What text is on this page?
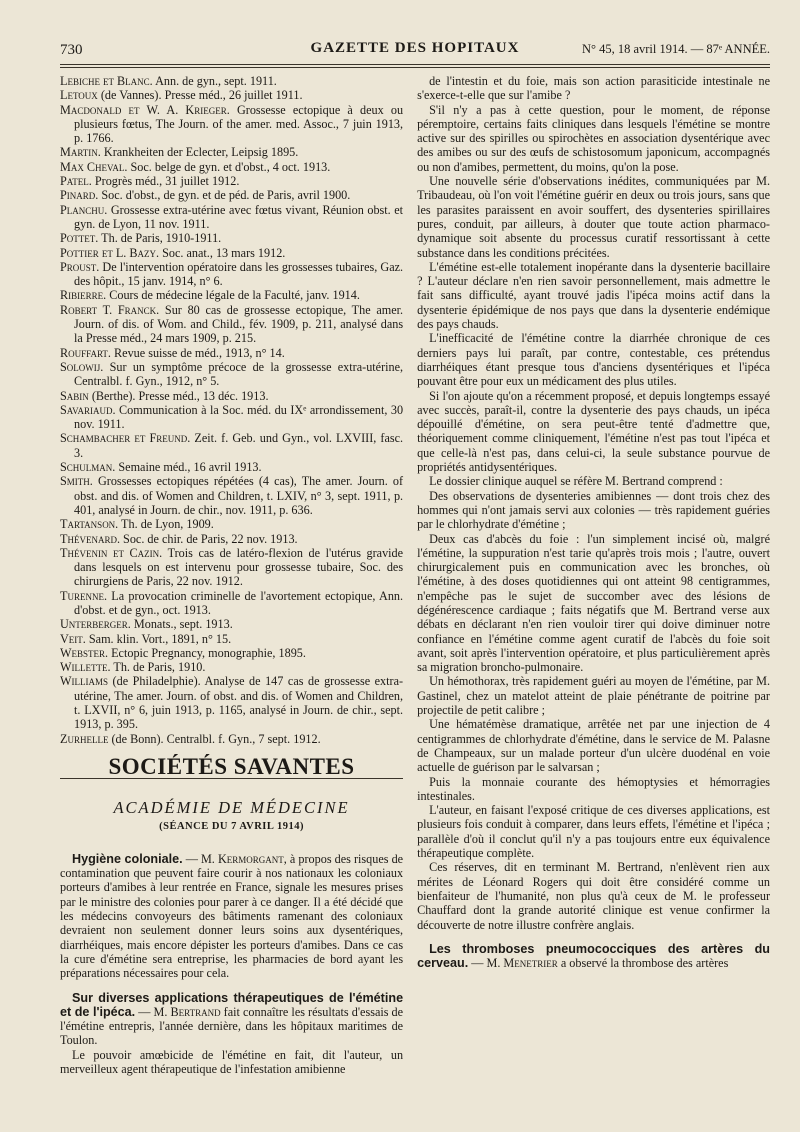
730	GAZETTE DES HOPITAUX	N° 45, 18 avril 1914. — 87ᵉ ANNÉE.

Lebiche et Blanc. Ann. de gyn., sept. 1911.

Letoux (de Vannes). Presse méd., 26 juillet 1911.

Macdonald et W. A. Krieger. Grossesse ectopique à deux ou plusieurs fœtus, The Journ. of the amer. med. Assoc., 7 juin 1913, p. 1766.

Martin. Krankheiten der Eclecter, Leipsig 1895.

Max Cheval. Soc. belge de gyn. et d'obst., 4 oct. 1913.

Patel. Progrès méd., 31 juillet 1912.

Pinard. Soc. d'obst., de gyn. et de péd. de Paris, avril 1900.

Planchu. Grossesse extra-utérine avec fœtus vivant, Réunion obst. et gyn. de Lyon, 11 nov. 1911.

Pottet. Th. de Paris, 1910-1911.

Pottier et L. Bazy. Soc. anat., 13 mars 1912.

Proust. De l'intervention opératoire dans les grossesses tubaires, Gaz. des hôpit., 15 janv. 1914, n° 6.

Ribierre. Cours de médecine légale de la Faculté, janv. 1914.

Robert T. Franck. Sur 80 cas de grossesse ectopique, The amer. Journ. of dis. of Wom. and Child., fév. 1909, p. 211, analysé dans la Presse méd., 24 mars 1909, p. 215.

Rouffart. Revue suisse de méd., 1913, n° 14.

Solowij. Sur un symptôme précoce de la grossesse extra-utérine, Centralbl. f. Gyn., 1912, n° 5.

Sabin (Berthe). Presse méd., 13 déc. 1913.

Savariaud. Communication à la Soc. méd. du IXᵉ arrondissement, 30 nov. 1911.

Schambacher et Freund. Zeit. f. Geb. und Gyn., vol. LXVIII, fasc. 3.

Schulman. Semaine méd., 16 avril 1913.

Smith. Grossesses ectopiques répétées (4 cas), The amer. Journ. of obst. and dis. of Women and Children, t. LXIV, n° 3, sept. 1911, p. 401, analysé in Journ. de chir., nov. 1911, p. 636.

Tartanson. Th. de Lyon, 1909.

Thévenard. Soc. de chir. de Paris, 22 nov. 1913.

Thévenin et Cazin. Trois cas de latéro-flexion de l'utérus gravide dans lesquels on est intervenu pour grossesse tubaire, Soc. des chirurgiens de Paris, 22 nov. 1912.

Turenne. La provocation criminelle de l'avortement ectopique, Ann. d'obst. et de gyn., oct. 1913.

Unterberger. Monats., sept. 1913.

Veit. Sam. klin. Vort., 1891, n° 15.

Webster. Ectopic Pregnancy, monographie, 1895.

Willette. Th. de Paris, 1910.

Williams (de Philadelphie). Analyse de 147 cas de grossesse extra-utérine, The amer. Journ. of obst. and dis. of Women and Children, t. LXVII, n° 6, juin 1913, p. 1165, analysé in Journ. de chir., sept. 1913, p. 395.

Zurhelle (de Bonn). Centralbl. f. Gyn., 7 sept. 1912.

SOCIÉTÉS SAVANTES
ACADÉMIE DE MÉDECINE
(SÉANCE DU 7 AVRIL 1914)

Hygiène coloniale. — M. Kermorgant, à propos des risques de contamination que peuvent faire courir à nos nationaux les coloniaux porteurs d'amibes à leur rentrée en France, signale les mesures prises par le ministre des colonies pour parer à ce danger. Il a été décidé que les médecins convoyeurs des bâtiments ramenant des coloniaux devraient non seulement donner leurs soins aux dysentériques, diarrhéiques, mais encore dépister les porteurs d'amibes. Dans ce cas la cure d'émétine sera entreprise, les pharmacies de bord ayant les préparations nécessaires pour cela.

Sur diverses applications thérapeutiques de l'émétine et de l'ipéca. — M. Bertrand fait connaître les résultats d'essais de l'émétine entrepris, l'année dernière, dans les hôpitaux maritimes de Toulon.

Le pouvoir amœbicide de l'émétine en fait, dit l'auteur, un merveilleux agent thérapeutique de l'infestation amibienne

de l'intestin et du foie, mais son action parasiticide intestinale ne s'exerce-t-elle que sur l'amibe ?

S'il n'y a pas à cette question, pour le moment, de réponse péremptoire, certains faits cliniques dans lesquels l'émétine se montre active sur des spirilles ou spirochètes en association dysentérique avec des amibes ou sur des œufs de schistosomum japonicum, accompagnés ou non d'amibes, permettent, du moins, qu'on la pose.

Une nouvelle série d'observations inédites, communiquées par M. Tribaudeau, où l'on voit l'émétine guérir en deux ou trois jours, sans que les parasites paraissent en avoir souffert, des dysenteries spirillaires pures, conduit, par ailleurs, à douter que toute action pharmaco-dynamique soit absente du processus curatif ressortissant à cette substance dans les conditions précitées.

L'émétine est-elle totalement inopérante dans la dysenterie bacillaire ? L'auteur déclare n'en rien savoir personnellement, mais admettre le fait sans difficulté, ayant trouvé jadis l'ipéca moins actif dans la dysenterie épidémique de nos pays que dans la dysenterie endémique des pays chauds.

L'inefficacité de l'émétine contre la diarrhée chronique de ces derniers pays lui paraît, par contre, contestable, ces prétendus diarrhéiques étant presque tous d'anciens dysentériques et l'ipéca pouvant être pour eux un médicament des plus utiles.

Si l'on ajoute qu'on a récemment proposé, et depuis longtemps essayé avec succès, paraît-il, contre la dysenterie des pays chauds, un ipéca dépouillé d'émétine, on sera peut-être tenté d'admettre que, théoriquement comme cliniquement, l'émétine n'est pas tout l'ipéca et que celle-là n'est pas, dans celui-ci, la seule substance pourvue de propriétés antidysentériques.

Le dossier clinique auquel se réfère M. Bertrand comprend :

Des observations de dysenteries amibiennes — dont trois chez des hommes qui n'ont jamais servi aux colonies — très rapidement guéries par le chlorhydrate d'émétine ;

Deux cas d'abcès du foie : l'un simplement incisé où, malgré l'émétine, la suppuration n'est tarie qu'après trois mois ; l'autre, ouvert chirurgicalement puis en communication avec les bronches, où l'émétine, à des doses quotidiennes qui ont atteint 98 centigrammes, n'empêche pas le sujet de succomber avec des lésions de dégénérescence cardiaque ; faits négatifs que M. Bertrand verse aux débats en déclarant n'en rien vouloir tirer qui doive diminuer notre confiance en l'émétine comme agent curatif de l'abcès du foie soit avant, soit après l'intervention opératoire, et plus particulièrement après sa migration broncho-pulmonaire.

Un hémothorax, très rapidement guéri au moyen de l'émétine, par M. Gastinel, chez un matelot atteint de plaie pénétrante de poitrine par projectile de petit calibre ;

Une hématémèse dramatique, arrêtée net par une injection de 4 centigrammes de chlorhydrate d'émétine, dans le service de M. Palasne de Champeaux, sur un malade porteur d'un ulcère duodénal en voie actuelle de guérison par le salvarsan ;

Puis la monnaie courante des hémoptysies et hémorragies intestinales.

L'auteur, en faisant l'exposé critique de ces diverses applications, est plusieurs fois conduit à comparer, dans leurs effets, l'émétine et l'ipéca ; parallèle d'où il conclut qu'il n'y a pas toujours entre eux équivalence thérapeutique complète.

Ces réserves, dit en terminant M. Bertrand, n'enlèvent rien aux mérites de Léonard Rogers qui doit être considéré comme un bienfaiteur de l'humanité, non plus qu'à ceux de M. le professeur Chauffard dont la grande autorité clinique est venue confirmer la découverte de notre illustre confrère anglais.

Les thromboses pneumococciques des artères du cerveau. — M. Menetrier a observé la thrombose des artères
